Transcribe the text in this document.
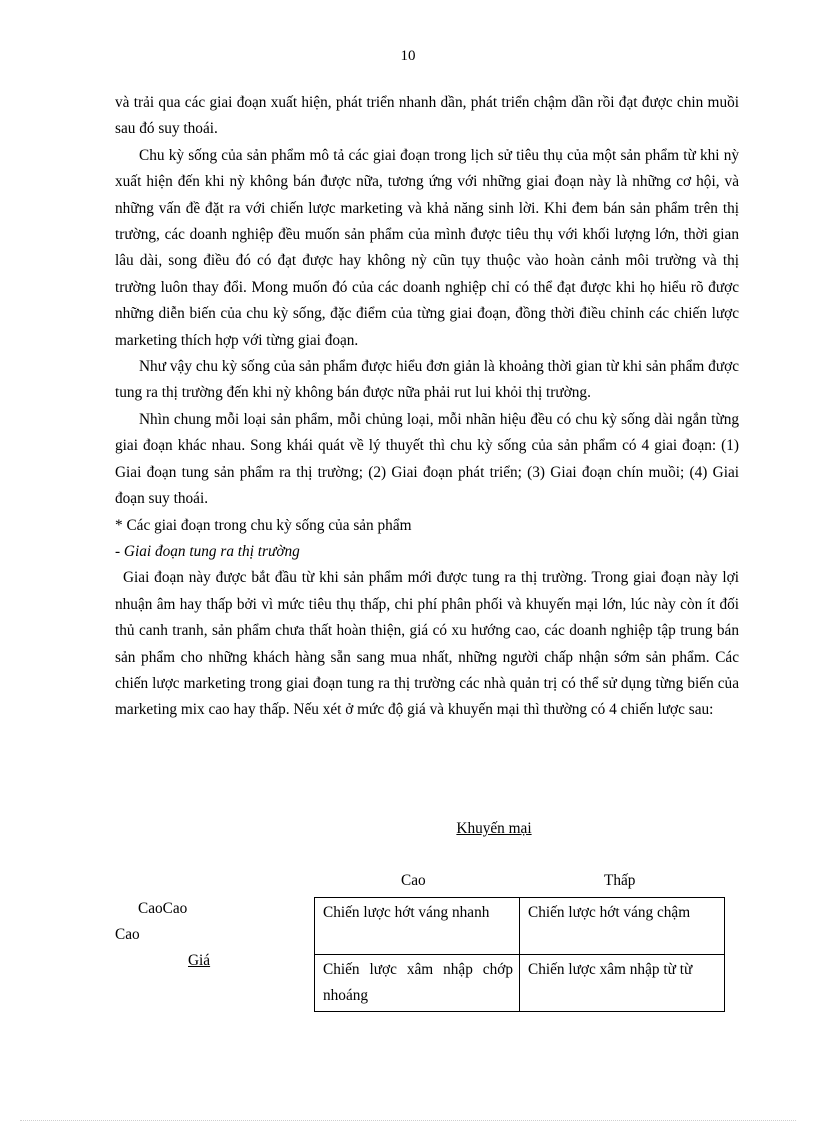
10

và trải qua các giai đoạn xuất hiện, phát triển nhanh dần, phát triển chậm dần rồi đạt được chin muồi sau đó suy thoái.

Chu kỳ sống của sản phẩm mô tả các giai đoạn trong lịch sử tiêu thụ của một sản phẩm từ khi nỳ xuất hiện đến khi nỳ không bán được nữa, tương ứng với những giai đoạn này là những cơ hội, và những vấn đề đặt ra với chiến lược marketing và khả năng sinh lời. Khi đem bán sản phẩm trên thị trường, các doanh nghiệp đều muốn sản phẩm của mình được tiêu thụ với khối lượng lớn, thời gian lâu dài, song điều đó có đạt được hay không nỳ cũn tụy thuộc vào hoàn cảnh môi trường và thị trường luôn thay đổi. Mong muốn đó của các doanh nghiệp chỉ có thể đạt được khi họ hiểu rõ được những diễn biến của chu kỳ sống, đặc điểm của từng giai đoạn, đồng thời điều chỉnh các chiến lược marketing thích hợp với từng giai đoạn.

Như vậy chu kỳ sống của sản phẩm được hiểu đơn giản là khoảng thời gian từ khi sản phẩm được tung ra thị trường đến khi nỳ không bán được nữa phải rut lui khỏi thị trường.

Nhìn chung mỗi loại sản phẩm, mỗi chủng loại, mỗi nhãn hiệu đều có chu kỳ sống dài ngắn từng giai đoạn khác nhau. Song khái quát về lý thuyết thì chu kỳ sống của sản phẩm có 4 giai đoạn: (1) Giai đoạn tung sản phẩm ra thị trường; (2) Giai đoạn phát triển; (3) Giai đoạn chín muồi; (4) Giai đoạn suy thoái.

* Các giai đoạn trong chu kỳ sống của sản phẩm

- Giai đoạn tung ra thị trường

Giai đoạn này được bắt đầu từ khi sản phẩm mới được tung ra thị trường. Trong giai đoạn này lợi nhuận âm hay thấp bởi vì mức tiêu thụ thấp, chi phí phân phối và khuyến mại lớn, lúc này còn ít đối thủ canh tranh, sản phẩm chưa thất hoàn thiện, giá có xu hướng cao, các doanh nghiệp tập trung bán sản phẩm cho những khách hàng sẵn sang mua nhất, những người chấp nhận sớm sản phẩm. Các chiến lược marketing trong giai đoạn tung ra thị trường các nhà quản trị có thể sử dụng từng biến của marketing mix cao hay thấp. Nếu xét ở mức độ giá và khuyến mại thì thường có 4 chiến lược sau:

Khuyến mại
Cao	Thấp
CaoCao
Cao
Giá
Chiến lược hớt váng nhanh	Chiến lược hớt váng chậm
Chiến lược xâm nhập chớp nhoáng	Chiến lược xâm nhập từ từ
